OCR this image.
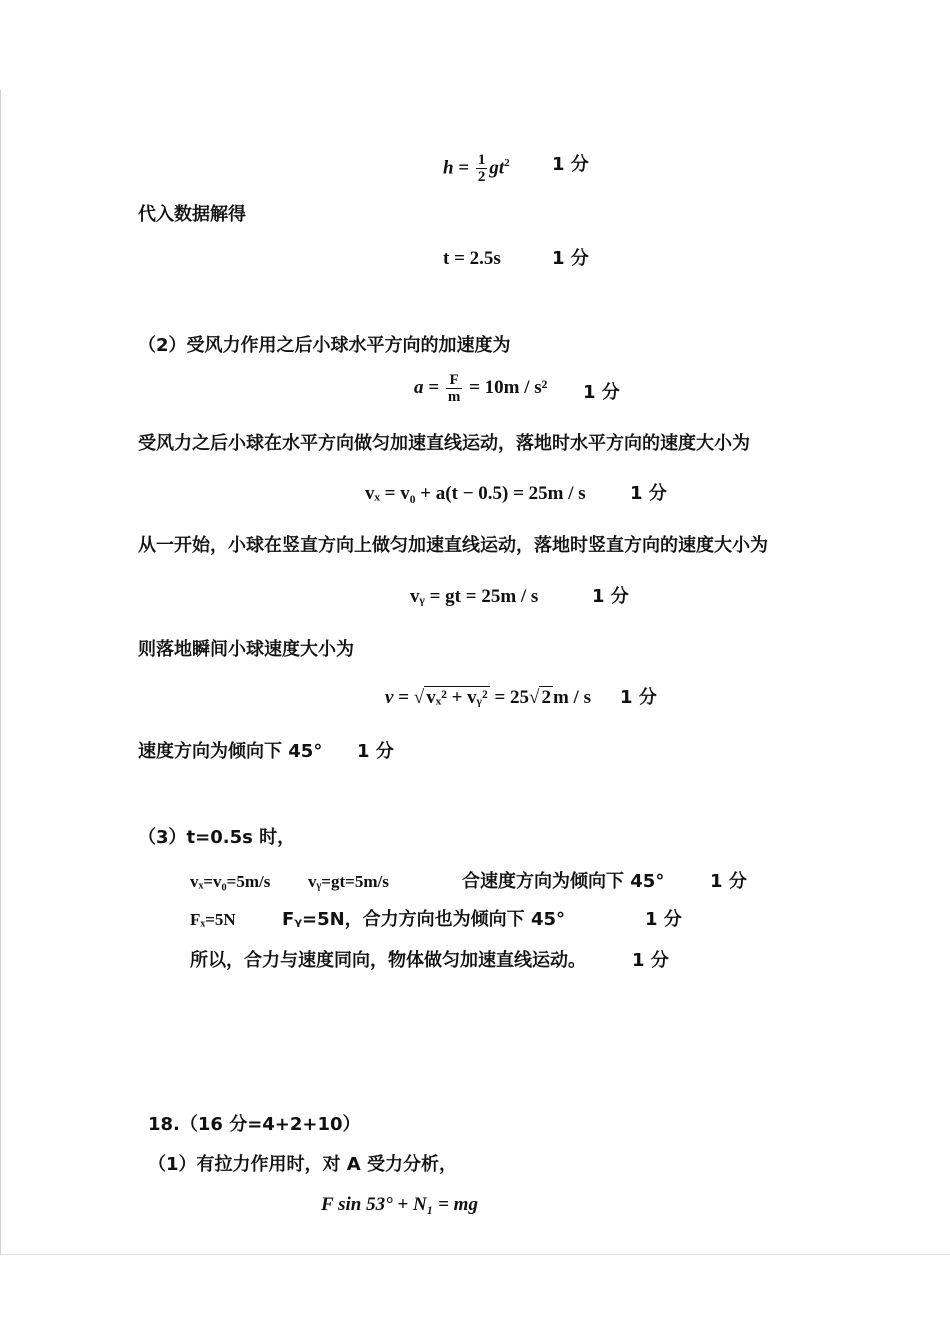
$h = \frac{1}{2} gt^2$ 1 分
代入数据解得
t = 2.5s	1 分
（2）受风力作用之后小球水平方向的加速度为
$a = \frac{F}{m} = 10m / s^2$ 1 分
受风力之后小球在水平方向做匀加速直线运动，落地时水平方向的速度大小为
vₓ = v₀ + a(t − 0.5) = 25m / s 1 分
从一开始，小球在竖直方向上做匀加速直线运动，落地时竖直方向的速度大小为
vᵧ = gt = 25m / s	1 分
则落地瞬间小球速度大小为
v = √ vₓ² + vᵧ² = 25√ 2 m / s 1 分
速度方向为倾向下 45° 1 分
（3）t=0.5s 时，
vₓ=v₀=5m/s vᵧ=gt=5m/s	合速度方向为倾向下 45°	1 分
Fₓ=5N	Fᵧ=5N，合力方向也为倾向下 45°	1 分
所以，合力与速度同向，物体做匀加速直线运动。	1 分
18.（16 分=4+2+10）
（1）有拉力作用时，对 A 受力分析，
F sin 53° + N₁ = mg
